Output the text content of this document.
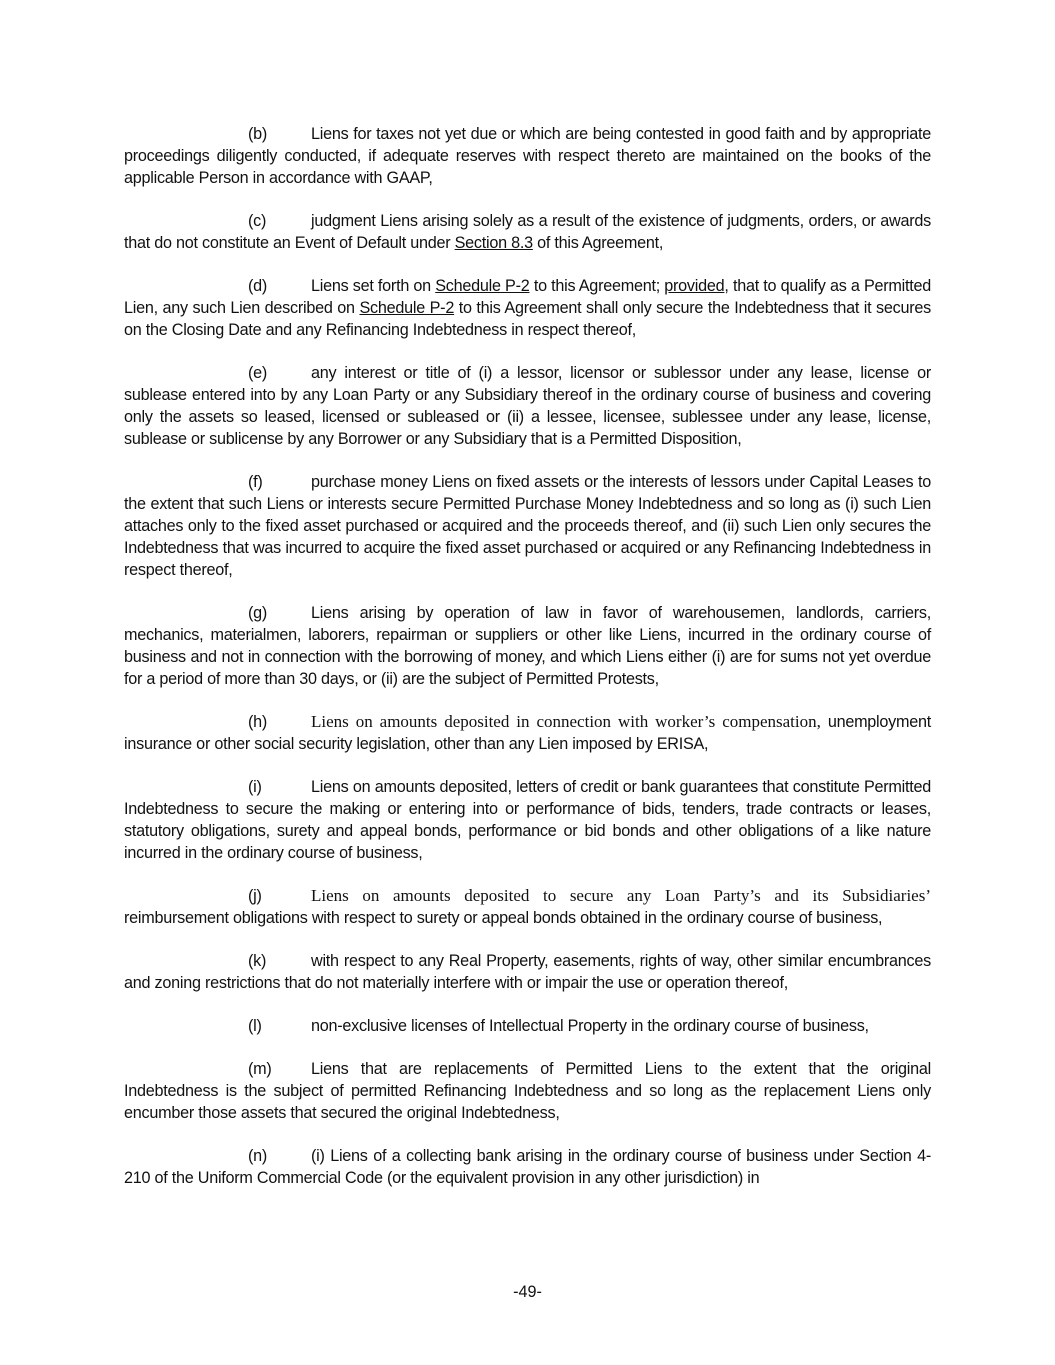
(b)	Liens for taxes not yet due or which are being contested in good faith and by appropriate proceedings diligently conducted, if adequate reserves with respect thereto are maintained on the books of the applicable Person in accordance with GAAP,

(c)	judgment Liens arising solely as a result of the existence of judgments, orders, or awards that do not constitute an Event of Default under Section 8.3 of this Agreement,

(d)	Liens set forth on Schedule P-2 to this Agreement; provided, that to qualify as a Permitted Lien, any such Lien described on Schedule P-2 to this Agreement shall only secure the Indebtedness that it secures on the Closing Date and any Refinancing Indebtedness in respect thereof,

(e)	any interest or title of (i) a lessor, licensor or sublessor under any lease, license or sublease entered into by any Loan Party or any Subsidiary thereof in the ordinary course of business and covering only the assets so leased, licensed or subleased or (ii) a lessee, licensee, sublessee under any lease, license, sublease or sublicense by any Borrower or any Subsidiary that is a Permitted Disposition,

(f)	purchase money Liens on fixed assets or the interests of lessors under Capital Leases to the extent that such Liens or interests secure Permitted Purchase Money Indebtedness and so long as (i) such Lien attaches only to the fixed asset purchased or acquired and the proceeds thereof, and (ii) such Lien only secures the Indebtedness that was incurred to acquire the fixed asset purchased or acquired or any Refinancing Indebtedness in respect thereof,

(g)	Liens arising by operation of law in favor of warehousemen, landlords, carriers, mechanics, materialmen, laborers, repairman or suppliers or other like Liens, incurred in the ordinary course of business and not in connection with the borrowing of money, and which Liens either (i) are for sums not yet overdue for a period of more than 30 days, or (ii) are the subject of Permitted Protests,

(h)	Liens on amounts deposited in connection with worker’s compensation, unemployment insurance or other social security legislation, other than any Lien imposed by ERISA,

(i)	Liens on amounts deposited, letters of credit or bank guarantees that constitute Permitted Indebtedness to secure the making or entering into or performance of bids, tenders, trade contracts or leases, statutory obligations, surety and appeal bonds, performance or bid bonds and other obligations of a like nature incurred in the ordinary course of business,

(j)	Liens on amounts deposited to secure any Loan Party’s and its Subsidiaries’ reimbursement obligations with respect to surety or appeal bonds obtained in the ordinary course of business,

(k)	with respect to any Real Property, easements, rights of way, other similar encumbrances and zoning restrictions that do not materially interfere with or impair the use or operation thereof,

(l)	non-exclusive licenses of Intellectual Property in the ordinary course of business,

(m) Liens that are replacements of Permitted Liens to the extent that the original Indebtedness is the subject of permitted Refinancing Indebtedness and so long as the replacement Liens only encumber those assets that secured the original Indebtedness,

(n)	(i) Liens of a collecting bank arising in the ordinary course of business under Section 4-210 of the Uniform Commercial Code (or the equivalent provision in any other jurisdiction) in

-49-
